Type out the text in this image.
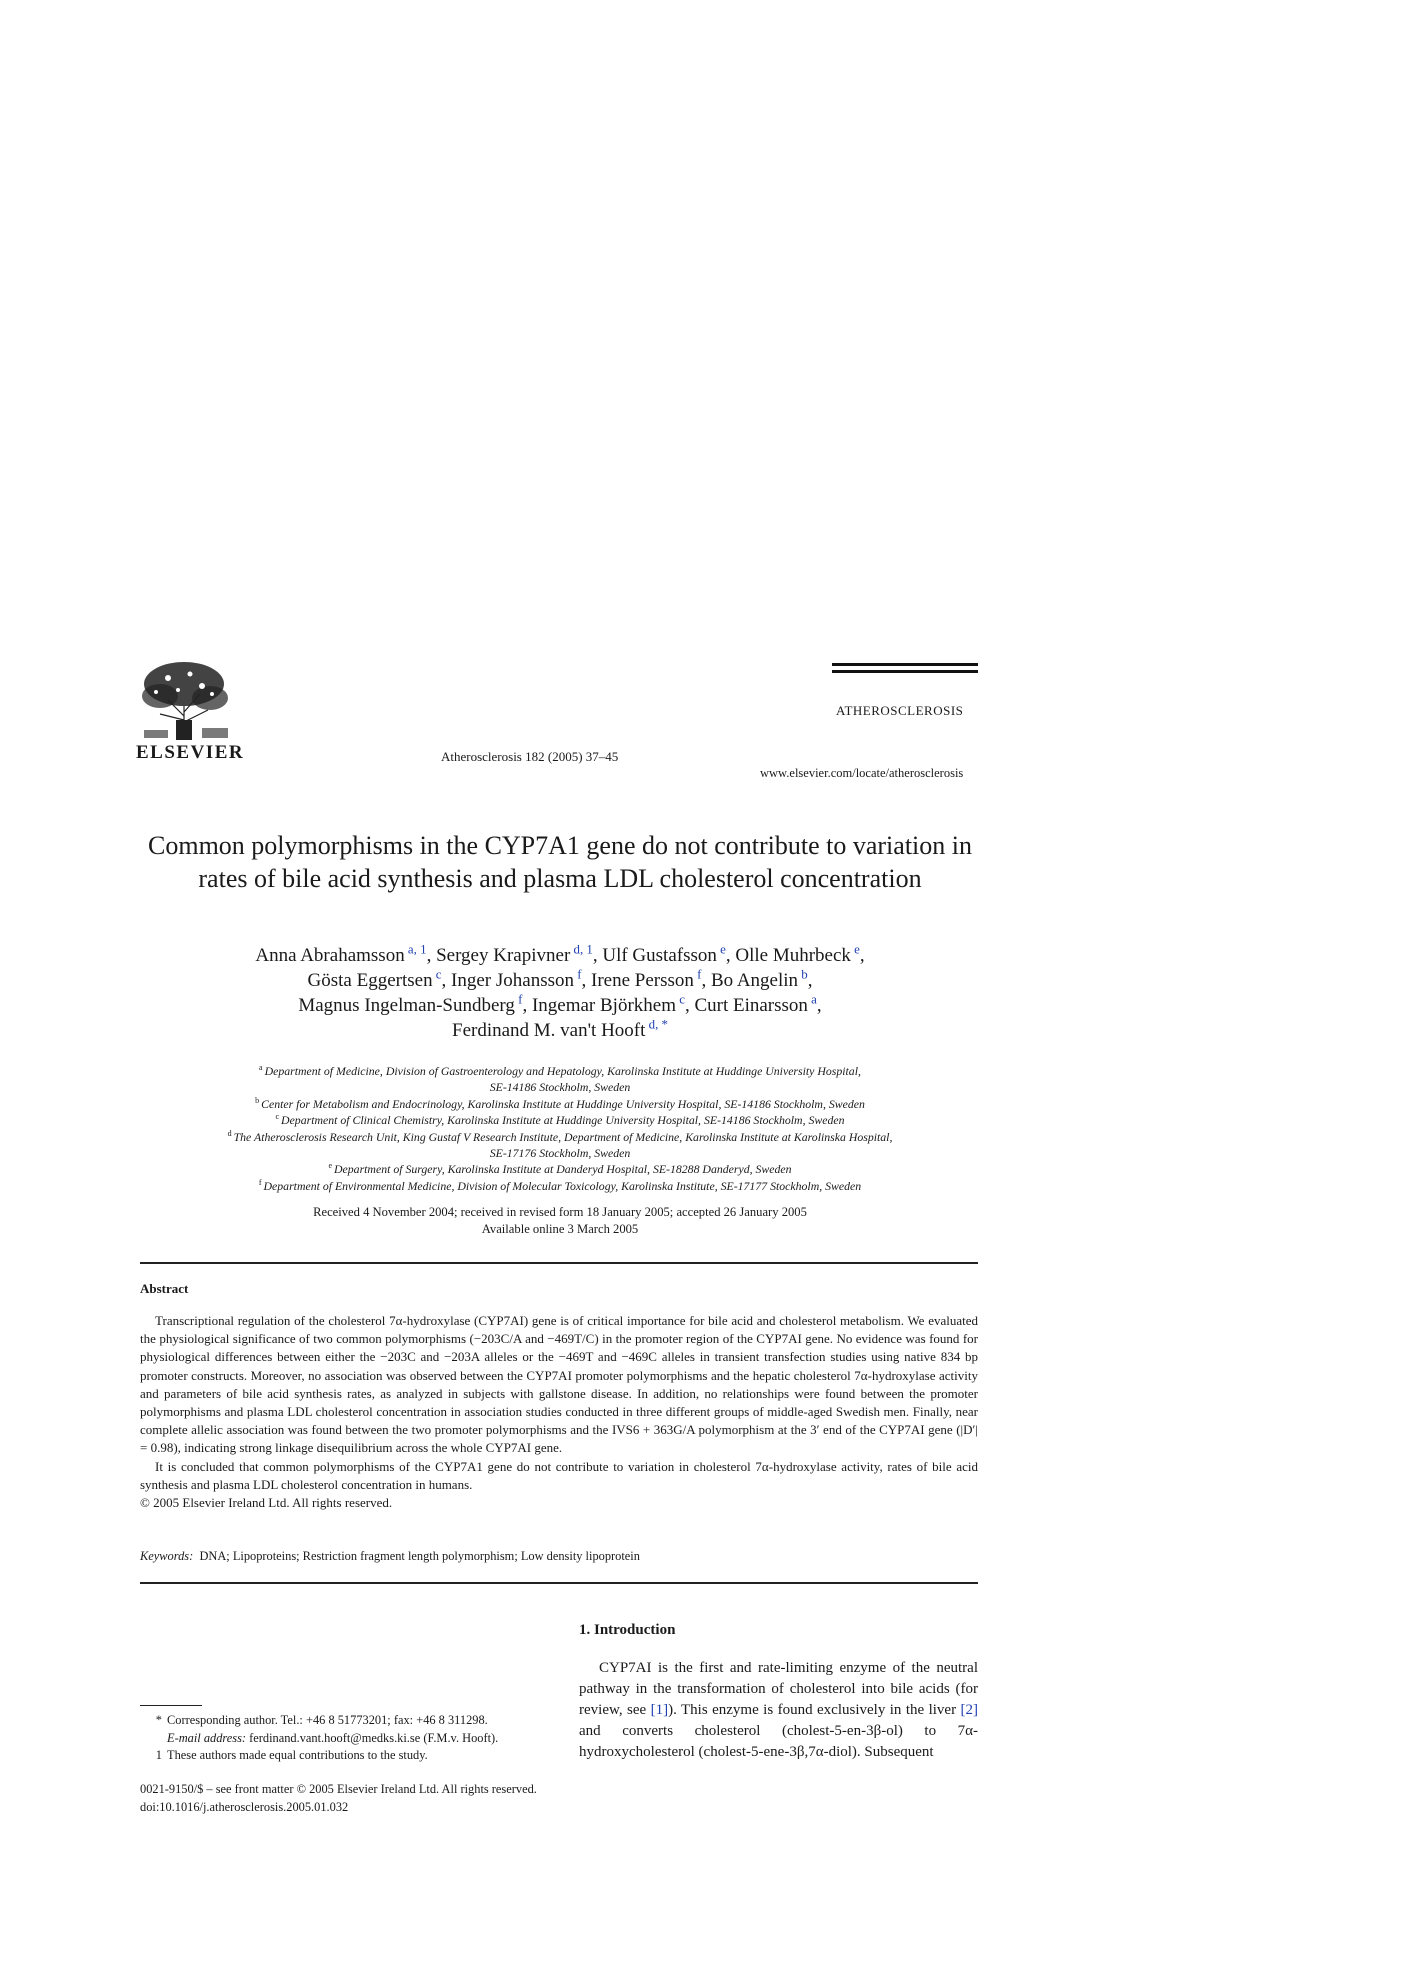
ELSEVIER	Atherosclerosis 182 (2005) 37–45
ATHEROSCLEROSIS
www.elsevier.com/locate/atherosclerosis
Common polymorphisms in the CYP7A1 gene do not contribute to variation in rates of bile acid synthesis and plasma LDL cholesterol concentration
Anna Abrahamsson $^{a, 1}$, Sergey Krapivner $^{d, 1}$, Ulf Gustafsson $^e$, Olle Muhrbeck $^e$,
Gösta Eggertsen $^c$, Inger Johansson $^f$, Irene Persson $^f$, Bo Angelin $^b$,
Magnus Ingelman-Sundberg $^f$, Ingemar Björkhem $^c$, Curt Einarsson $^a$,
Ferdinand M. van't Hooft $^{d, *}$
$^a$ Department of Medicine, Division of Gastroenterology and Hepatology, Karolinska Institute at Huddinge University Hospital,
SE-14186 Stockholm, Sweden
$^b$ Center for Metabolism and Endocrinology, Karolinska Institute at Huddinge University Hospital, SE-14186 Stockholm, Sweden
$^c$ Department of Clinical Chemistry, Karolinska Institute at Huddinge University Hospital, SE-14186 Stockholm, Sweden
$^d$ The Atherosclerosis Research Unit, King Gustaf V Research Institute, Department of Medicine, Karolinska Institute at Karolinska Hospital,
SE-17176 Stockholm, Sweden
$^e$ Department of Surgery, Karolinska Institute at Danderyd Hospital, SE-18288 Danderyd, Sweden
$^f$ Department of Environmental Medicine, Division of Molecular Toxicology, Karolinska Institute, SE-17177 Stockholm, Sweden
Received 4 November 2004; received in revised form 18 January 2005; accepted 26 January 2005
Available online 3 March 2005
Abstract

Transcriptional regulation of the cholesterol 7α-hydroxylase (CYP7AI) gene is of critical importance for bile acid and cholesterol metabolism. We evaluated the physiological significance of two common polymorphisms (−203C/A and −469T/C) in the promoter region of the CYP7AI gene. No evidence was found for physiological differences between either the −203C and −203A alleles or the −469T and −469C alleles in transient transfection studies using native 834 bp promoter constructs. Moreover, no association was observed between the CYP7AI promoter polymorphisms and the hepatic cholesterol 7α-hydroxylase activity and parameters of bile acid synthesis rates, as analyzed in subjects with gallstone disease. In addition, no relationships were found between the promoter polymorphisms and plasma LDL cholesterol concentration in association studies conducted in three different groups of middle-aged Swedish men. Finally, near complete allelic association was found between the two promoter polymorphisms and the IVS6 + 363G/A polymorphism at the 3′ end of the CYP7AI gene (|D′| = 0.98), indicating strong linkage disequilibrium across the whole CYP7AI gene.

It is concluded that common polymorphisms of the CYP7A1 gene do not contribute to variation in cholesterol 7α-hydroxylase activity, rates of bile acid synthesis and plasma LDL cholesterol concentration in humans.

© 2005 Elsevier Ireland Ltd. All rights reserved.

Keywords: DNA; Lipoproteins; Restriction fragment length polymorphism; Low density lipoprotein
1. Introduction

CYP7AI is the first and rate-limiting enzyme of the neutral pathway in the transformation of cholesterol into bile acids (for review, see [1]). This enzyme is found exclusively in the liver [2] and converts cholesterol (cholest-5-en-3β-ol) to 7α-hydroxycholesterol (cholest-5-ene-3β,7α-diol). Subsequent

* Corresponding author. Tel.: +46 8 51773201; fax: +46 8 311298.
E-mail address: ferdinand.vant.hooft@medks.ki.se (F.M.v. Hooft).
1 These authors made equal contributions to the study.
0021-9150/$ – see front matter © 2005 Elsevier Ireland Ltd. All rights reserved.
doi:10.1016/j.atherosclerosis.2005.01.032
